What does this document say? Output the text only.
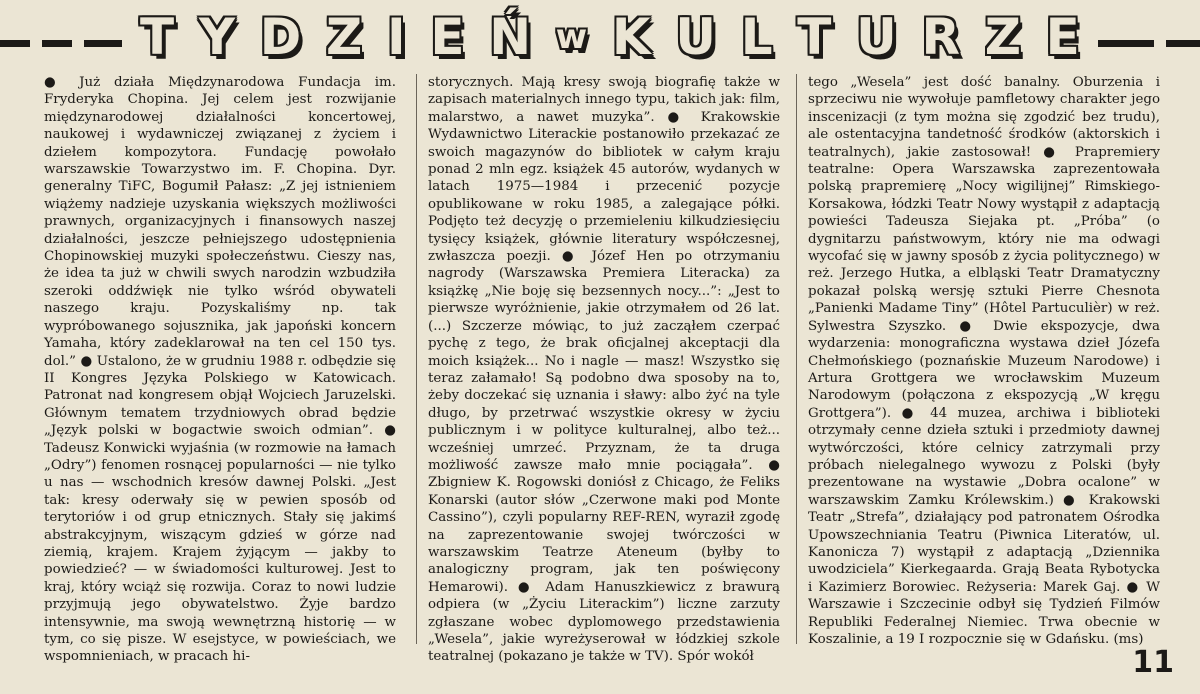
T Y D Z I E Ń w K U L T U R Z E

● Już działa Międzynarodowa Fundacja im. Fryderyka Chopina. Jej celem jest rozwijanie międzynarodowej działalności koncertowej, naukowej i wydawniczej związanej z życiem i dziełem kompozytora. Fundację powołało warszawskie Towarzystwo im. F. Chopina. Dyr. generalny TiFC, Bogumił Pałasz: „Z jej istnieniem wiążemy nadzieje uzyskania większych możliwości prawnych, organizacyjnych i finansowych naszej działalności, jeszcze pełniejszego udostępnienia Chopinowskiej muzyki społeczeństwu. Cieszy nas, że idea ta już w chwili swych narodzin wzbudziła szeroki oddźwięk nie tylko wśród obywateli naszego kraju. Pozyskaliśmy np. tak wypróbowanego sojusznika, jak japoński koncern Yamaha, który zadeklarował na ten cel 150 tys. dol.” ● Ustalono, że w grudniu 1988 r. odbędzie się II Kongres Języka Polskiego w Katowicach. Patronat nad kongresem objął Wojciech Jaruzelski. Głównym tematem trzydniowych obrad będzie „Język polski w bogactwie swoich odmian”. ● Tadeusz Konwicki wyjaśnia (w rozmowie na łamach „Odry”) fenomen rosnącej popularności — nie tylko u nas — wschodnich kresów dawnej Polski. „Jest tak: kresy oderwały się w pewien sposób od terytoriów i od grup etnicznych. Stały się jakimś abstrakcyjnym, wiszącym gdzieś w górze nad ziemią, krajem. Krajem żyjącym — jakby to powiedzieć? — w świadomości kulturowej. Jest to kraj, który wciąż się rozwija. Coraz to nowi ludzie przyjmują jego obywatelstwo. Żyje bardzo intensywnie, ma swoją wewnętrzną historię — w tym, co się pisze. W esejstyce, w powieściach, we wspomnieniach, w pracach hi-

storycznych. Mają kresy swoją biografię także w zapisach materialnych innego typu, takich jak: film, malarstwo, a nawet muzyka”. ● Krakowskie Wydawnictwo Literackie postanowiło przekazać ze swoich magazynów do bibliotek w całym kraju ponad 2 mln egz. książek 45 autorów, wydanych w latach 1975—1984 i przecenić pozycje opublikowane w roku 1985, a zalegające półki. Podjęto też decyzję o przemieleniu kilkudziesięciu tysięcy książek, głównie literatury współczesnej, zwłaszcza poezji. ● Józef Hen po otrzymaniu nagrody (Warszawska Premiera Literacka) za książkę „Nie boję się bezsennych nocy...”: „Jest to pierwsze wyróżnienie, jakie otrzymałem od 26 lat. (...) Szczerze mówiąc, to już zacząłem czerpać pychę z tego, że brak oficjalnej akceptacji dla moich książek... No i nagle — masz! Wszystko się teraz załamało! Są podobno dwa sposoby na to, żeby doczekać się uznania i sławy: albo żyć na tyle długo, by przetrwać wszystkie okresy w życiu publicznym i w polityce kulturalnej, albo też... wcześniej umrzeć. Przyznam, że ta druga możliwość zawsze mało mnie pociągała”. ● Zbigniew K. Rogowski doniósł z Chicago, że Feliks Konarski (autor słów „Czerwone maki pod Monte Cassino”), czyli popularny REF-REN, wyraził zgodę na zaprezentowanie swojej twórczości w warszawskim Teatrze Ateneum (byłby to analogiczny program, jak ten poświęcony Hemarowi). ● Adam Hanuszkiewicz z brawurą odpiera (w „Życiu Literackim”) liczne zarzuty zgłaszane wobec dyplomowego przedstawienia „Wesela”, jakie wyreżyserował w łódzkiej szkole teatralnej (pokazano je także w TV). Spór wokół

tego „Wesela” jest dość banalny. Oburzenia i sprzeciwu nie wywołuje pamfletowy charakter jego inscenizacji (z tym można się zgodzić bez trudu), ale ostentacyjna tandetność środków (aktorskich i teatralnych), jakie zastosował! ● Prapremiery teatralne: Opera Warszawska zaprezentowała polską prapremierę „Nocy wigilijnej” Rimskiego-Korsakowa, łódzki Teatr Nowy wystąpił z adaptacją powieści Tadeusza Siejaka pt. „Próba” (o dygnitarzu państwowym, który nie ma odwagi wycofać się w jawny sposób z życia politycznego) w reż. Jerzego Hutka, a elbląski Teatr Dramatyczny pokazał polską wersję sztuki Pierre Chesnota „Panienki Madame Tiny” (Hôtel Partuculièr) w reż. Sylwestra Szyszko. ● Dwie ekspozycje, dwa wydarzenia: monograficzna wystawa dzieł Józefa Chełmońskiego (poznańskie Muzeum Narodowe) i Artura Grottgera we wrocławskim Muzeum Narodowym (połączona z ekspozycją „W kręgu Grottgera”). ● 44 muzea, archiwa i biblioteki otrzymały cenne dzieła sztuki i przedmioty dawnej wytwórczości, które celnicy zatrzymali przy próbach nielegalnego wywozu z Polski (były prezentowane na wystawie „Dobra ocalone” w warszawskim Zamku Królewskim.) ● Krakowski Teatr „Strefa”, działający pod patronatem Ośrodka Upowszechniania Teatru (Piwnica Literatów, ul. Kanonicza 7) wystąpił z adaptacją „Dziennika uwodziciela” Kierkegaarda. Grają Beata Rybotycka i Kazimierz Borowiec. Reżyseria: Marek Gaj. ● W Warszawie i Szczecinie odbył się Tydzień Filmów Republiki Federalnej Niemiec. Trwa obecnie w Koszalinie, a 19 I rozpocznie się w Gdańsku. (ms)

11
